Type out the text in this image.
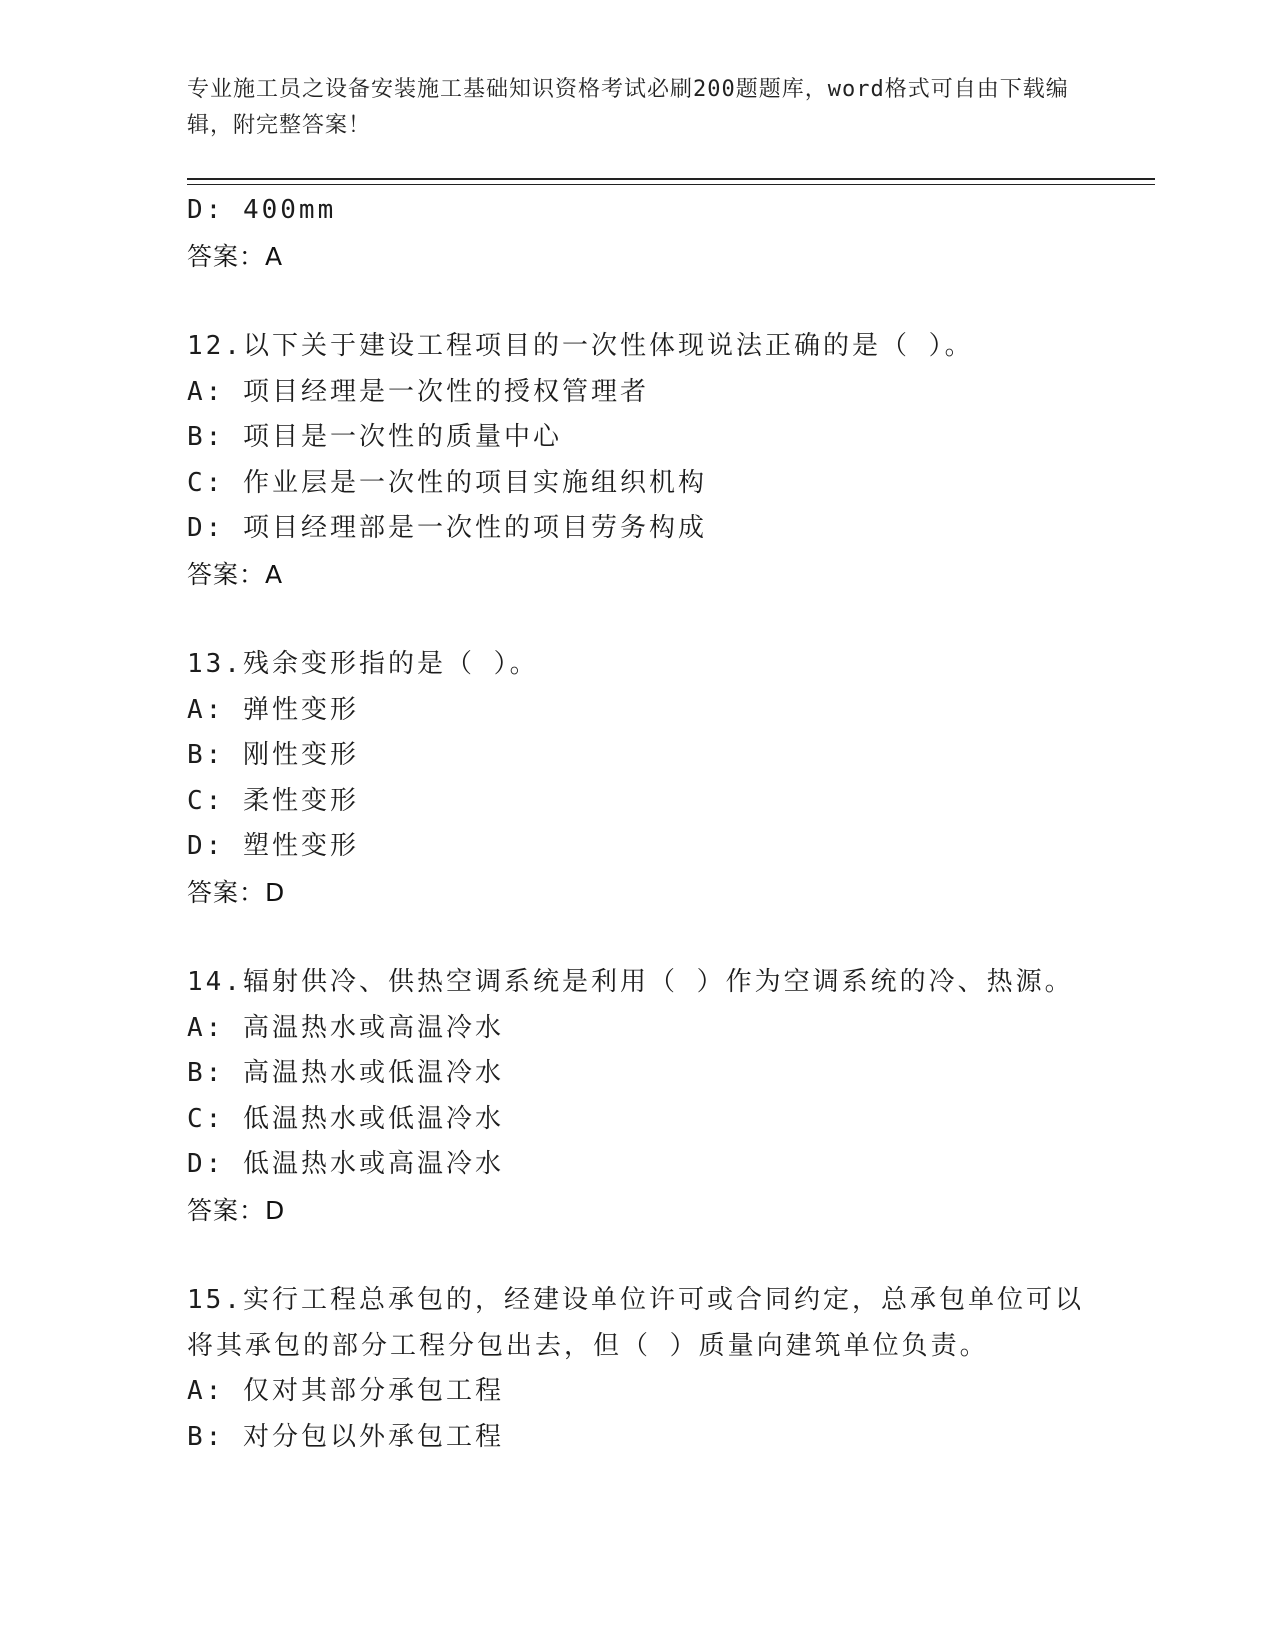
专业施工员之设备安装施工基础知识资格考试必刷200题题库，word格式可自由下载编辑，附完整答案！
D: 400mm
答案：A
12.以下关于建设工程项目的一次性体现说法正确的是（ ）。
A: 项目经理是一次性的授权管理者
B: 项目是一次性的质量中心
C: 作业层是一次性的项目实施组织机构
D: 项目经理部是一次性的项目劳务构成
答案：A
13.残余变形指的是（ ）。
A: 弹性变形
B: 刚性变形
C: 柔性变形
D: 塑性变形
答案：D
14.辐射供冷、供热空调系统是利用（ ）作为空调系统的冷、热源。
A: 高温热水或高温冷水
B: 高温热水或低温冷水
C: 低温热水或低温冷水
D: 低温热水或高温冷水
答案：D
15.实行工程总承包的，经建设单位许可或合同约定，总承包单位可以
将其承包的部分工程分包出去，但（ ）质量向建筑单位负责。
A: 仅对其部分承包工程
B: 对分包以外承包工程
